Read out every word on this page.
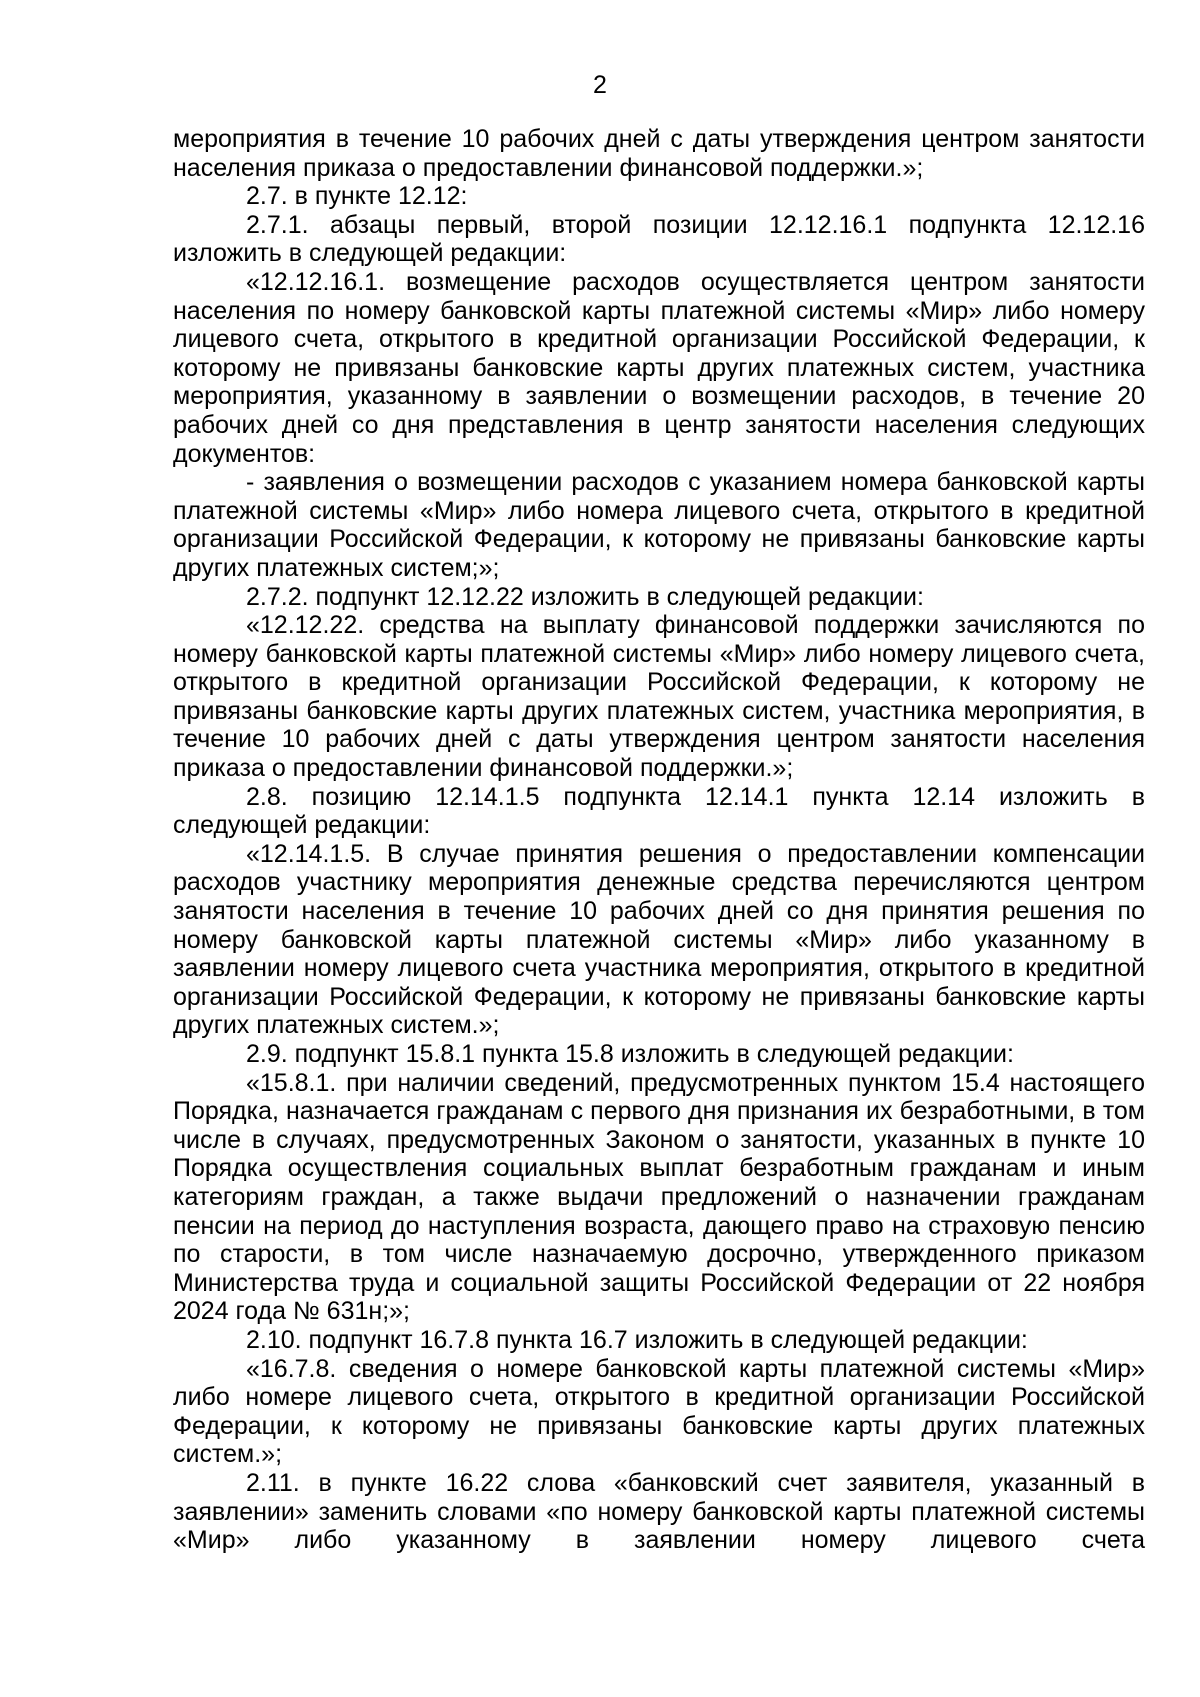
2

мероприятия в течение 10 рабочих дней с даты утверждения центром занятости населения приказа о предоставлении финансовой поддержки.»;

2.7. в пункте 12.12:

2.7.1. абзацы первый, второй позиции 12.12.16.1 подпункта 12.12.16 изложить в следующей редакции:

«12.12.16.1. возмещение расходов осуществляется центром занятости населения по номеру банковской карты платежной системы «Мир» либо номеру лицевого счета, открытого в кредитной организации Российской Федерации, к которому не привязаны банковские карты других платежных систем, участника мероприятия, указанному в заявлении о возмещении расходов, в течение 20 рабочих дней со дня представления в центр занятости населения следующих документов:

- заявления о возмещении расходов с указанием номера банковской карты платежной системы «Мир» либо номера лицевого счета, открытого в кредитной организации Российской Федерации, к которому не привязаны банковские карты других платежных систем;»;

2.7.2. подпункт 12.12.22 изложить в следующей редакции:

«12.12.22. средства на выплату финансовой поддержки зачисляются по номеру банковской карты платежной системы «Мир» либо номеру лицевого счета, открытого в кредитной организации Российской Федерации, к которому не привязаны банковские карты других платежных систем, участника мероприятия, в течение 10 рабочих дней с даты утверждения центром занятости населения приказа о предоставлении финансовой поддержки.»;

2.8. позицию 12.14.1.5 подпункта 12.14.1 пункта 12.14 изложить в следующей редакции:

«12.14.1.5. В случае принятия решения о предоставлении компенсации расходов участнику мероприятия денежные средства перечисляются центром занятости населения в течение 10 рабочих дней со дня принятия решения по номеру банковской карты платежной системы «Мир» либо указанному в заявлении номеру лицевого счета участника мероприятия, открытого в кредитной организации Российской Федерации, к которому не привязаны банковские карты других платежных систем.»;

2.9. подпункт 15.8.1 пункта 15.8 изложить в следующей редакции:

«15.8.1. при наличии сведений, предусмотренных пунктом 15.4 настоящего Порядка, назначается гражданам с первого дня признания их безработными, в том числе в случаях, предусмотренных Законом о занятости, указанных в пункте 10 Порядка осуществления социальных выплат безработным гражданам и иным категориям граждан, а также выдачи предложений о назначении гражданам пенсии на период до наступления возраста, дающего право на страховую пенсию по старости, в том числе назначаемую досрочно, утвержденного приказом Министерства труда и социальной защиты Российской Федерации от 22 ноября 2024 года № 631н;»;

2.10. подпункт 16.7.8 пункта 16.7 изложить в следующей редакции:

«16.7.8. сведения о номере банковской карты платежной системы «Мир» либо номере лицевого счета, открытого в кредитной организации Российской Федерации, к которому не привязаны банковские карты других платежных систем.»;

2.11. в пункте 16.22 слова «банковский счет заявителя, указанный в заявлении» заменить словами «по номеру банковской карты платежной системы «Мир» либо указанному в заявлении номеру лицевого счета
